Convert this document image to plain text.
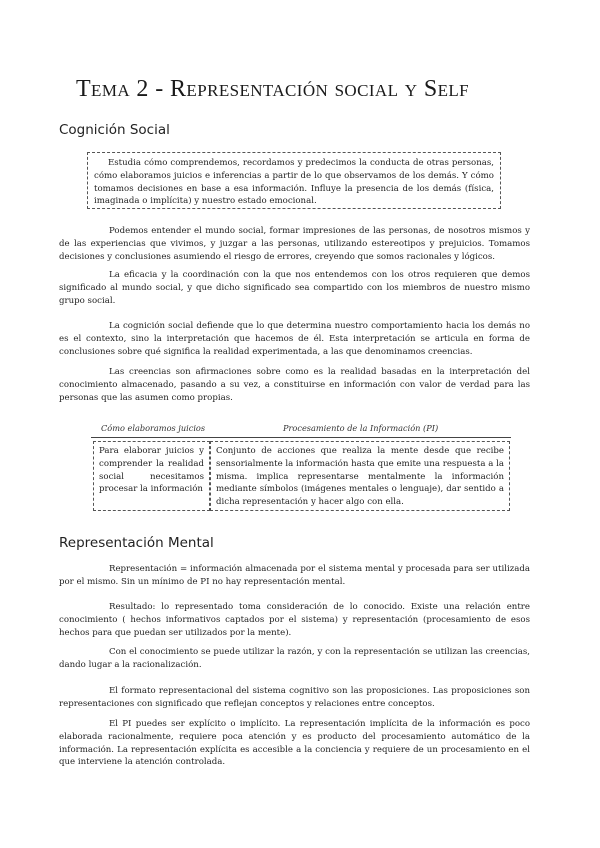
Tema 2 - Representación social y Self
Cognición Social

Estudia cómo comprendemos, recordamos y predecimos la conducta de otras personas, cómo elaboramos juicios e inferencias a partir de lo que observamos de los demás. Y cómo tomamos decisiones en base a esa información. Influye la presencia de los demás (física, imaginada o implícita) y nuestro estado emocional.

Podemos entender el mundo social, formar impresiones de las personas, de nosotros mismos y de las experiencias que vivimos, y juzgar a las personas, utilizando estereotipos y prejuicios. Tomamos decisiones y conclusiones asumiendo el riesgo de errores, creyendo que somos racionales y lógicos.

La eficacia y la coordinación con la que nos entendemos con los otros requieren que demos significado al mundo social, y que dicho significado sea compartido con los miembros de nuestro mismo grupo social.

La cognición social defiende que lo que determina nuestro comportamiento hacia los demás no es el contexto, sino la interpretación que hacemos de él. Esta interpretación se articula en forma de conclusiones sobre qué significa la realidad experimentada, a las que denominamos creencias.

Las creencias son afirmaciones sobre como es la realidad basadas en la interpretación del conocimiento almacenado, pasando a su vez, a constituirse en información con valor de verdad para las personas que las asumen como propias.

Cómo elaboramos juicios	Procesamiento de la Información (PI)
Para elaborar juicios y comprender la realidad social necesitamos procesar la información
Conjunto de acciones que realiza la mente desde que recibe sensorialmente la información hasta que emite una respuesta a la misma. implica representarse mentalmente la información mediante símbolos (imágenes mentales o lenguaje), dar sentido a dicha representación y hacer algo con ella.
Representación Mental

Representación = información almacenada por el sistema mental y procesada para ser utilizada por el mismo. Sin un mínimo de PI no hay representación mental.

Resultado: lo representado toma consideración de lo conocido. Existe una relación entre conocimiento ( hechos informativos captados por el sistema) y representación (procesamiento de esos hechos para que puedan ser utilizados por la mente).

Con el conocimiento se puede utilizar la razón, y con la representación se utilizan las creencias, dando lugar a la racionalización.

El formato representacional del sistema cognitivo son las proposiciones. Las proposiciones son representaciones con significado que reflejan conceptos y relaciones entre conceptos.

El PI puedes ser explícito o implícito. La representación implícita de la información es poco elaborada racionalmente, requiere poca atención y es producto del procesamiento automático de la información. La representación explícita es accesible a la conciencia y requiere de un procesamiento en el que interviene la atención controlada.
